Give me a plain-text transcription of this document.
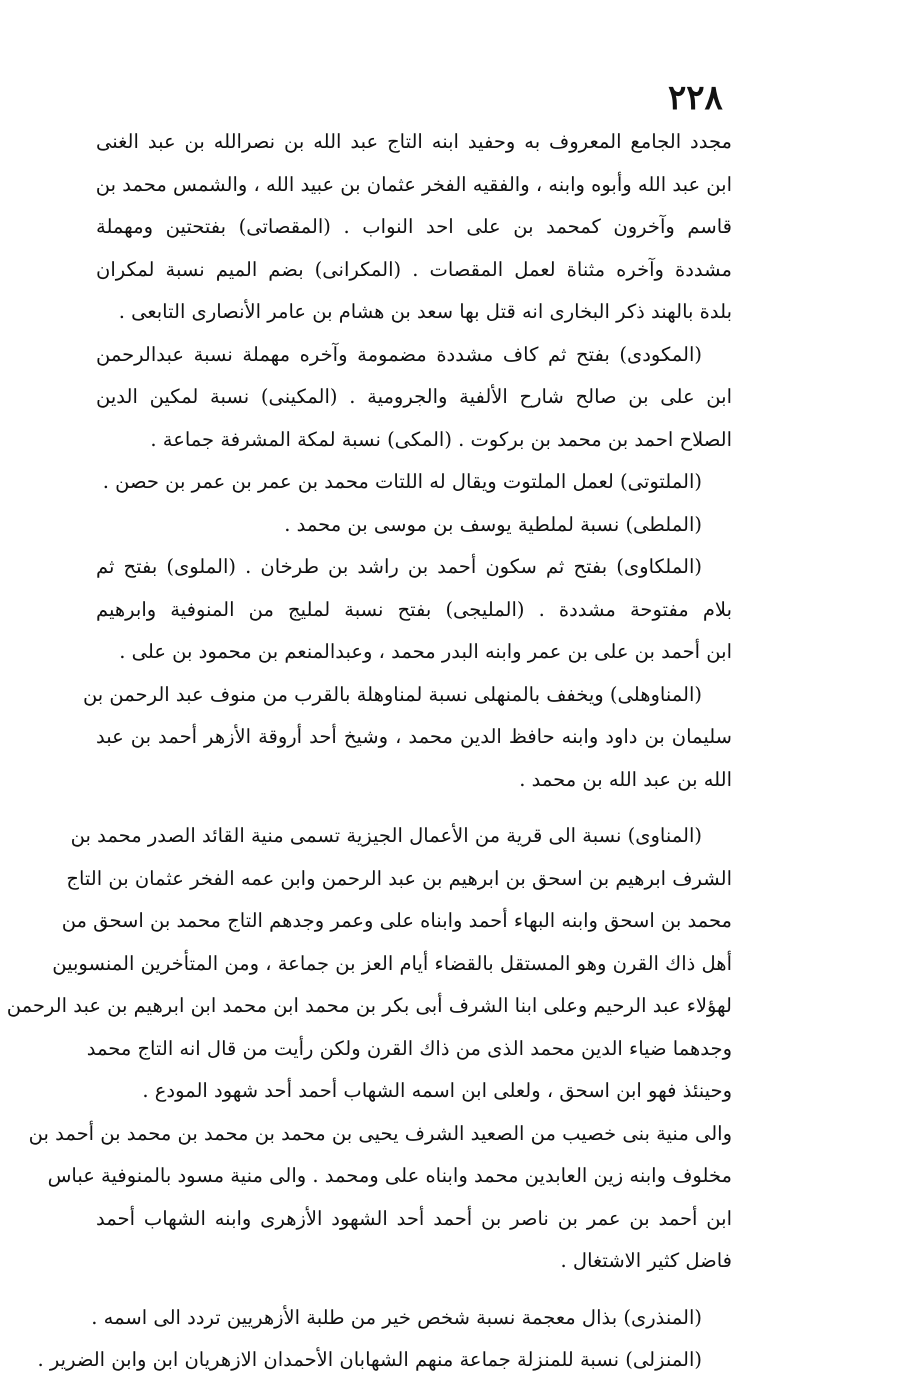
٢٢٨
مجدد الجامع المعروف به وحفيد ابنه التاج عبد الله بن نصرالله بن عبد الغنى
ابن عبد الله وأبوه وابنه ، والفقيه الفخر عثمان بن عبيد الله ، والشمس محمد بن
قاسم وآخرون كمحمد بن على احد النواب . (المقصاتى) بفتحتين ومهملة
مشددة وآخره مثناة لعمل المقصات . (المكرانى) بضم الميم نسبة لمكران
بلدة بالهند ذكر البخارى انه قتل بها سعد بن هشام بن عامر الأنصارى التابعى .
(المكودى) بفتح ثم كاف مشددة مضمومة وآخره مهملة نسبة عبدالرحمن
ابن على بن صالح شارح الألفية والجرومية . (المكينى) نسبة لمكين الدين
الصلاح احمد بن محمد بن بركوت . (المكى) نسبة لمكة المشرفة جماعة .
(الملتوتى) لعمل الملتوت ويقال له اللتات محمد بن عمر بن عمر بن حصن .
(الملطى) نسبة لملطية يوسف بن موسى بن محمد .
(الملكاوى) بفتح ثم سكون أحمد بن راشد بن طرخان . (الملوى) بفتح ثم
بلام مفتوحة مشددة . (المليجى) بفتح نسبة لمليج من المنوفية وابرهيم
ابن أحمد بن على بن عمر وابنه البدر محمد ، وعبدالمنعم بن محمود بن على .
(المناوهلى) ويخفف بالمنهلى نسبة لمناوهلة بالقرب من منوف عبد الرحمن بن
سليمان بن داود وابنه حافظ الدين محمد ، وشيخ أحد أروقة الأزهر أحمد بن عبد
الله بن عبد الله بن محمد .
(المناوى) نسبة الى قرية من الأعمال الجيزية تسمى منية القائد الصدر محمد بن
الشرف ابرهيم بن اسحق بن ابرهيم بن عبد الرحمن وابن عمه الفخر عثمان بن التاج
محمد بن اسحق وابنه البهاء أحمد وابناه على وعمر وجدهم التاج محمد بن اسحق من
أهل ذاك القرن وهو المستقل بالقضاء أيام العز بن جماعة ، ومن المتأخرين المنسوبين
لهؤلاء عبد الرحيم وعلى ابنا الشرف أبى بكر بن محمد ابن محمد ابن ابرهيم بن عبد الرحمن
وجدهما ضياء الدين محمد الذى من ذاك القرن ولكن رأيت من قال انه التاج محمد
وحينئذ فهو ابن اسحق ، ولعلى ابن اسمه الشهاب أحمد أحد شهود المودع .
والى منية بنى خصيب من الصعيد الشرف يحيى بن محمد بن محمد بن محمد بن أحمد بن
مخلوف وابنه زين العابدين محمد وابناه على ومحمد . والى منية مسود بالمنوفية عباس
ابن أحمد بن عمر بن ناصر بن أحمد أحد الشهود الأزهرى وابنه الشهاب أحمد
فاضل كثير الاشتغال .
(المنذرى) بذال معجمة نسبة شخص خير من طلبة الأزهريين تردد الى اسمه .
(المنزلى) نسبة للمنزلة جماعة منهم الشهابان الأحمدان الازهريان ابن وابن الضرير .
